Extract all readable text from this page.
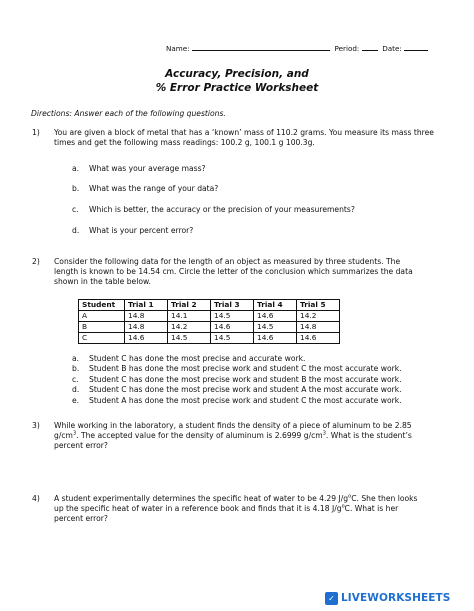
Name:	Period:	Date:
Accuracy, Precision, and
% Error Practice Worksheet
Directions: Answer each of the following questions.
1) You are given a block of metal that has a ‘known’ mass of 110.2 grams. You measure its mass three
times and get the following mass readings: 100.2 g, 100.1 g 100.3g.
a. What was your average mass?
b. What was the range of your data?
c. Which is better, the accuracy or the precision of your measurements?
d. What is your percent error?
2) Consider the following data for the length of an object as measured by three students. The
length is known to be 14.54 cm. Circle the letter of the conclusion which summarizes the data
shown in the table below.
Student	Trial 1	Trial 2	Trial 3	Trial 4	Trial 5
A	14.8	14.1	14.5	14.6	14.2
B	14.8	14.2	14.6	14.5	14.8
C	14.6	14.5	14.5	14.6	14.6
a. Student C has done the most precise and accurate work.
b. Student B has done the most precise work and student C the most accurate work.
c. Student C has done the most precise work and student B the most accurate work.
d. Student C has done the most precise work and student A the most accurate work.
e. Student A has done the most precise work and student C the most accurate work.
3) While working in the laboratory, a student finds the density of a piece of aluminum to be 2.85
$g/cm^3$. The accepted value for the density of aluminum is 2.6999 $g/cm^3$. What is the student’s
percent error?
4) A student experimentally determines the specific heat of water to be 4.29 $J/g^oC$. She then looks
up the specific heat of water in a reference book and finds that it is 4.18 $J/g^oC$. What is her
percent error?
✓ LIVEWORKSHEETS
